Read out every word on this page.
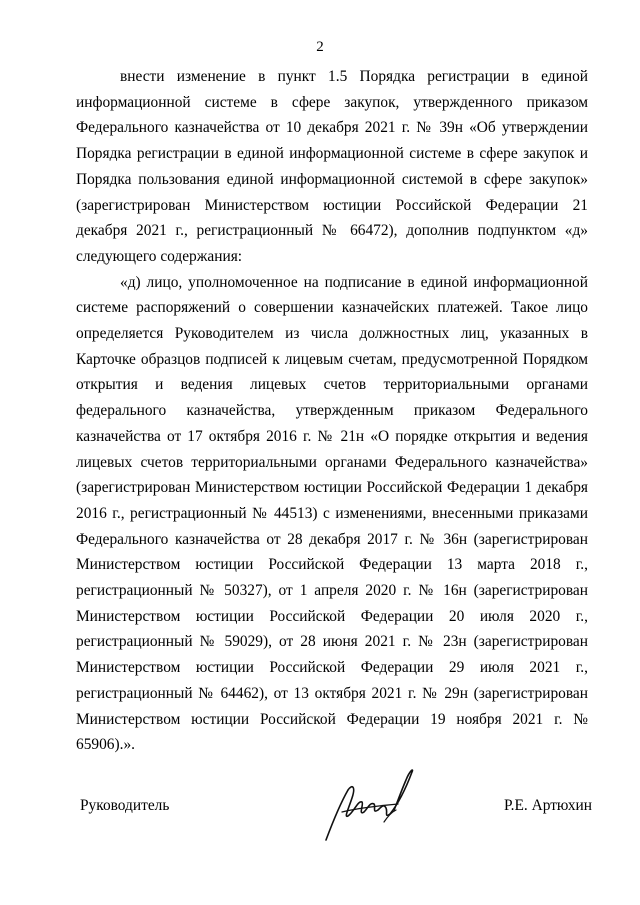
2

внести изменение в пункт 1.5 Порядка регистрации в единой информационной системе в сфере закупок, утвержденного приказом Федерального казначейства от 10 декабря 2021 г. № 39н «Об утверждении Порядка регистрации в единой информационной системе в сфере закупок и Порядка пользования единой информационной системой в сфере закупок» (зарегистрирован Министерством юстиции Российской Федерации 21 декабря 2021 г., регистрационный № 66472), дополнив подпунктом «д» следующего содержания:

«д) лицо, уполномоченное на подписание в единой информационной системе распоряжений о совершении казначейских платежей. Такое лицо определяется Руководителем из числа должностных лиц, указанных в Карточке образцов подписей к лицевым счетам, предусмотренной Порядком открытия и ведения лицевых счетов территориальными органами федерального казначейства, утвержденным приказом Федерального казначейства от 17 октября 2016 г. № 21н «О порядке открытия и ведения лицевых счетов территориальными органами Федерального казначейства» (зарегистрирован Министерством юстиции Российской Федерации 1 декабря 2016 г., регистрационный № 44513) с изменениями, внесенными приказами Федерального казначейства от 28 декабря 2017 г. № 36н (зарегистрирован Министерством юстиции Российской Федерации 13 марта 2018 г., регистрационный № 50327), от 1 апреля 2020 г. № 16н (зарегистрирован Министерством юстиции Российской Федерации 20 июля 2020 г., регистрационный № 59029), от 28 июня 2021 г. № 23н (зарегистрирован Министерством юстиции Российской Федерации 29 июля 2021 г., регистрационный № 64462), от 13 октября 2021 г. № 29н (зарегистрирован Министерством юстиции Российской Федерации 19 ноября 2021 г. № 65906).».

Руководитель	Р.Е. Артюхин
